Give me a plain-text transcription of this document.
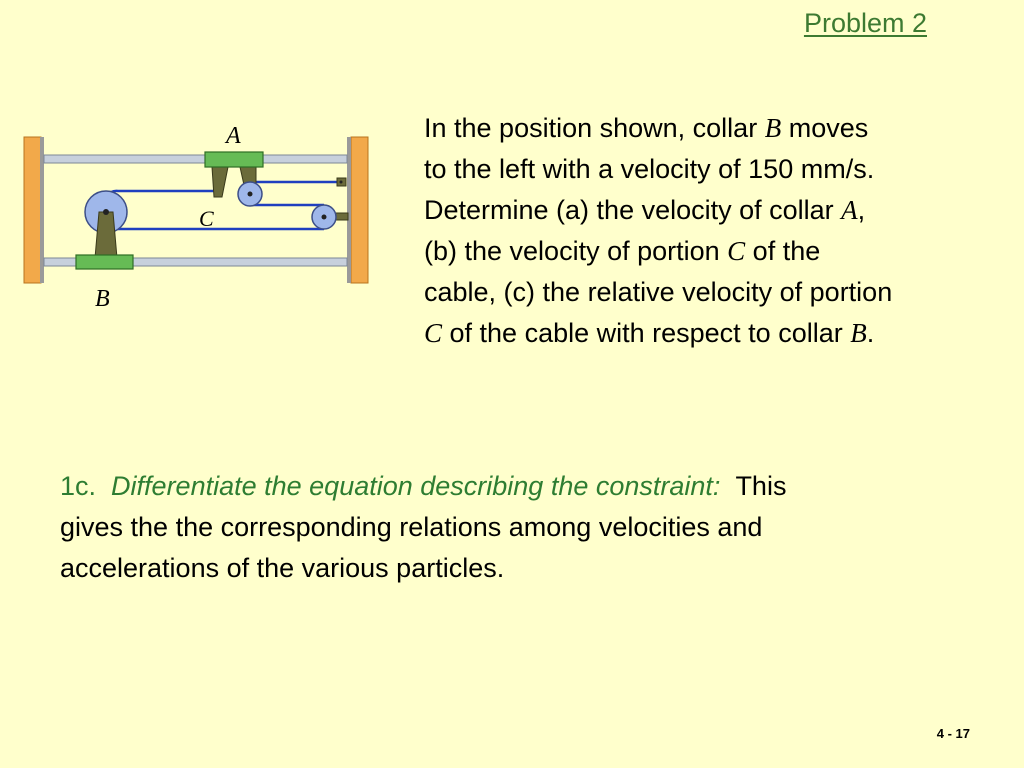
Problem 2
A
C
B
In the position shown, collar B moves
to the left with a velocity of 150 mm/s.
Determine (a) the velocity of collar A,
(b) the velocity of portion C of the
cable, (c) the relative velocity of portion
C of the cable with respect to collar B.
1c. Differentiate the equation describing the constraint: This
gives the the corresponding relations among velocities and
accelerations of the various particles.
4 - 17
